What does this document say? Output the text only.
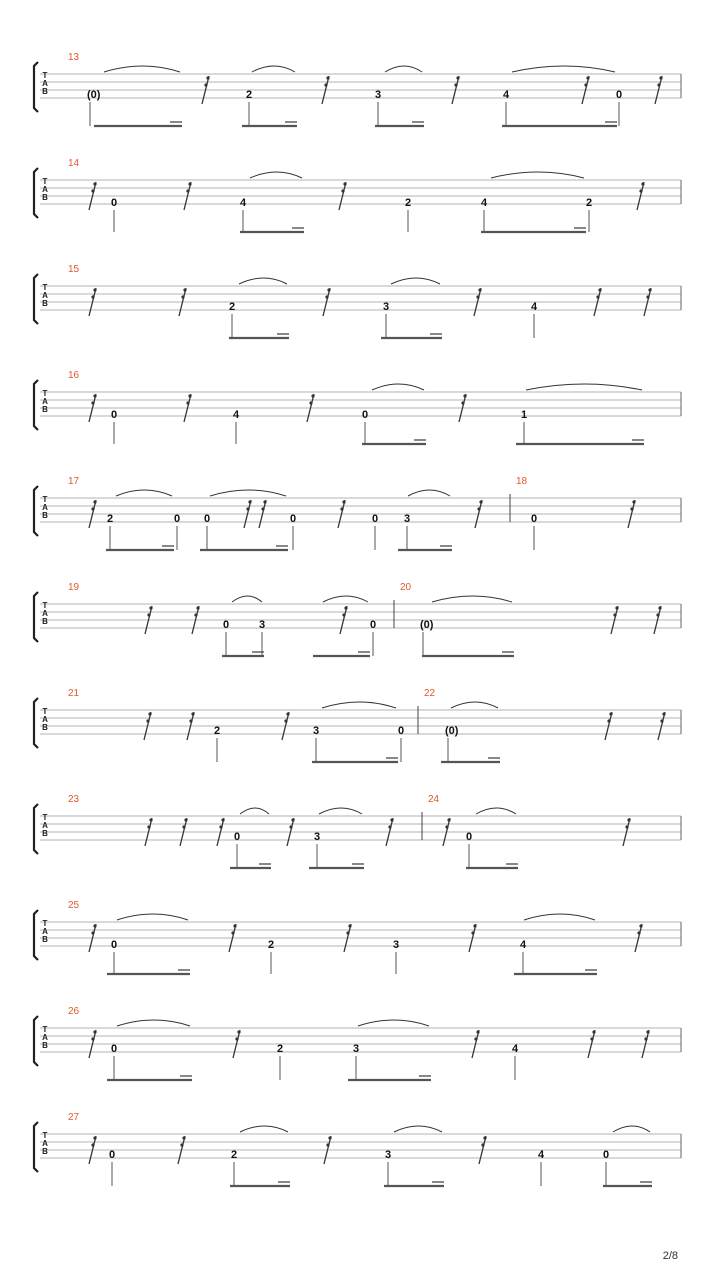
T
A
B
13
(0)	2	3	4	0
T
A
B
14
0	4	2	4	2
T
A
B
15
2	3	4
T
A
B
16
0	4	0	1
T
A
B
17
2	0 0	0	0 3
18
0
T
A
B
19
0	3	0
20
(0)
T
A
B
21
2	3	0
22
(0)
T
A
B
23
0	3
24
0
T
A
B
25
0	2	3	4
T
A
B
26
0	2	3	4
T
A
B
27
0	2	3	4	0
2/8
